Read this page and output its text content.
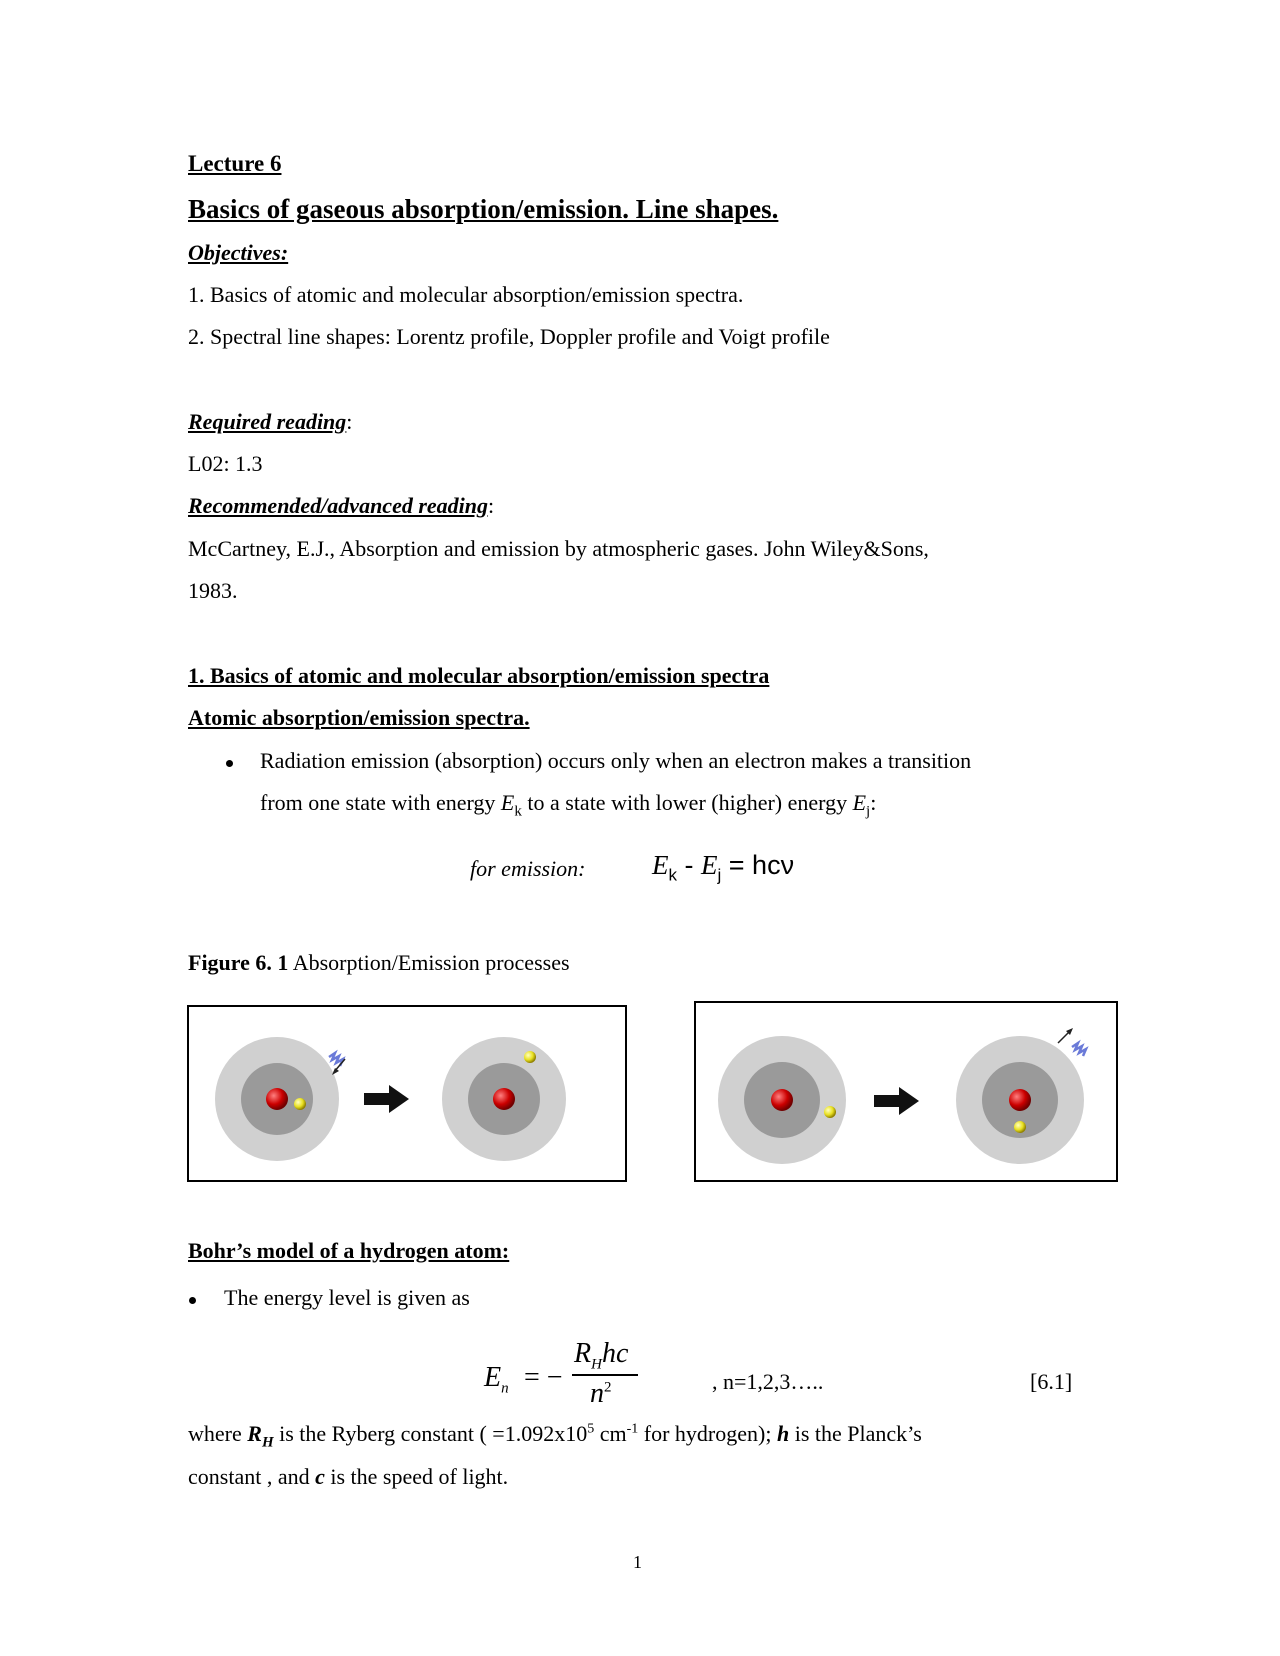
Lecture 6
Basics of gaseous absorption/emission. Line shapes.
Objectives:
1. Basics of atomic and molecular absorption/emission spectra.
2. Spectral line shapes: Lorentz profile, Doppler profile and Voigt profile
Required reading:
L02: 1.3
Recommended/advanced reading:
McCartney, E.J., Absorption and emission by atmospheric gases. John Wiley&Sons,
1983.
1. Basics of atomic and molecular absorption/emission spectra
Atomic absorption/emission spectra.
Radiation emission (absorption) occurs only when an electron makes a transition
from one state with energy $E_k$ to a state with lower (higher) energy $E_j$:
for emission: $E_k - E_j = hc\nu$
Figure 6. 1 Absorption/Emission processes
Bohr’s model of a hydrogen atom:
The energy level is given as
$E_n$ = −
$R_Hhc$
$n^2$	, n=1,2,3…..	[6.1]
where $R_H$ is the Ryberg constant ( $=1.092x10^5$ $cm^{-1}$ for hydrogen); h is the Planck’s
constant , and c is the speed of light.
1
